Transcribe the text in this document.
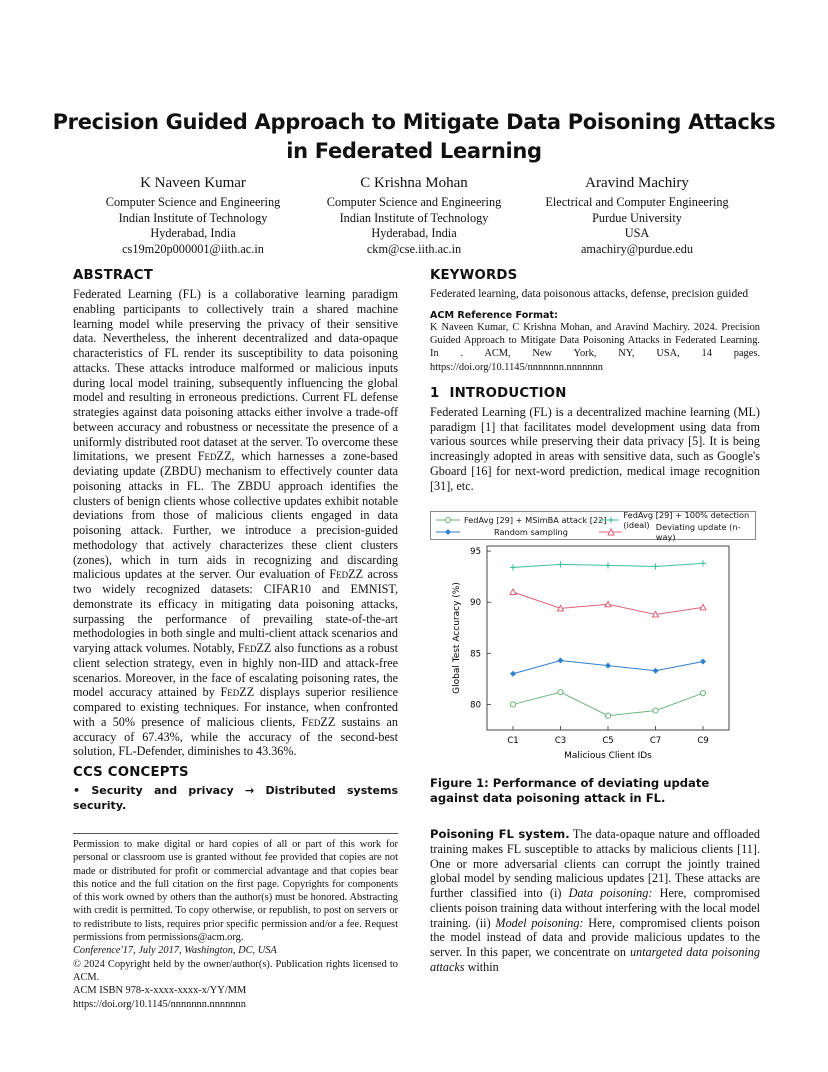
Precision Guided Approach to Mitigate Data Poisoning Attacks in Federated Learning
K Naveen Kumar
Computer Science and Engineering
Indian Institute of Technology
Hyderabad, India
cs19m20p000001@iith.ac.in
C Krishna Mohan
Computer Science and Engineering
Indian Institute of Technology
Hyderabad, India
ckm@cse.iith.ac.in
Aravind Machiry
Electrical and Computer Engineering
Purdue University
USA
amachiry@purdue.edu
ABSTRACT
Federated Learning (FL) is a collaborative learning paradigm enabling participants to collectively train a shared machine learning model while preserving the privacy of their sensitive data. Nevertheless, the inherent decentralized and data-opaque characteristics of FL render its susceptibility to data poisoning attacks. These attacks introduce malformed or malicious inputs during local model training, subsequently influencing the global model and resulting in erroneous predictions. Current FL defense strategies against data poisoning attacks either involve a trade-off between accuracy and robustness or necessitate the presence of a uniformly distributed root dataset at the server. To overcome these limitations, we present FedZZ, which harnesses a zone-based deviating update (ZBDU) mechanism to effectively counter data poisoning attacks in FL. The ZBDU approach identifies the clusters of benign clients whose collective updates exhibit notable deviations from those of malicious clients engaged in data poisoning attack. Further, we introduce a precision-guided methodology that actively characterizes these client clusters (zones), which in turn aids in recognizing and discarding malicious updates at the server. Our evaluation of FedZZ across two widely recognized datasets: CIFAR10 and EMNIST, demonstrate its efficacy in mitigating data poisoning attacks, surpassing the performance of prevailing state-of-the-art methodologies in both single and multi-client attack scenarios and varying attack volumes. Notably, FedZZ also functions as a robust client selection strategy, even in highly non-IID and attack-free scenarios. Moreover, in the face of escalating poisoning rates, the model accuracy attained by FedZZ displays superior resilience compared to existing techniques. For instance, when confronted with a 50% presence of malicious clients, FedZZ sustains an accuracy of 67.43%, while the accuracy of the second-best solution, FL-Defender, diminishes to 43.36%.
CCS CONCEPTS
• Security and privacy → Distributed systems security.
Permission to make digital or hard copies of all or part of this work for personal or classroom use is granted without fee provided that copies are not made or distributed for profit or commercial advantage and that copies bear this notice and the full citation on the first page. Copyrights for components of this work owned by others than the author(s) must be honored. Abstracting with credit is permitted. To copy otherwise, or republish, to post on servers or to redistribute to lists, requires prior specific permission and/or a fee. Request permissions from permissions@acm.org.
Conference'17, July 2017, Washington, DC, USA
© 2024 Copyright held by the owner/author(s). Publication rights licensed to ACM.
ACM ISBN 978-x-xxxx-xxxx-x/YY/MM
https://doi.org/10.1145/nnnnnnn.nnnnnnn
KEYWORDS
Federated learning, data poisonous attacks, defense, precision guided
ACM Reference Format:
K Naveen Kumar, C Krishna Mohan, and Aravind Machiry. 2024. Precision Guided Approach to Mitigate Data Poisoning Attacks in Federated Learning. In . ACM, New York, NY, USA, 14 pages. https://doi.org/10.1145/nnnnnnn.nnnnnnn
1 INTRODUCTION
Federated Learning (FL) is a decentralized machine learning (ML) paradigm [1] that facilitates model development using data from various sources while preserving their data privacy [5]. It is being increasingly adopted in areas with sensitive data, such as Google's Gboard [16] for next-word prediction, medical image recognition [31], etc.
FedAvg [29] + MSimBA attack [22] FedAvg [29] + 100% detection (ideal)
Random sampling	Deviating update (n-way)
Global Test Accuracy (%)
Malicious Client IDs
80
85
90
95
C1	C3	C5	C7	C9
Figure 1: Performance of deviating update against data poisoning attack in FL.
Poisoning FL system. The data-opaque nature and offloaded training makes FL susceptible to attacks by malicious clients [11]. One or more adversarial clients can corrupt the jointly trained global model by sending malicious updates [21]. These attacks are further classified into (i) Data poisoning: Here, compromised clients poison training data without interfering with the local model training. (ii) Model poisoning: Here, compromised clients poison the model instead of data and provide malicious updates to the server. In this paper, we concentrate on untargeted data poisoning attacks within
